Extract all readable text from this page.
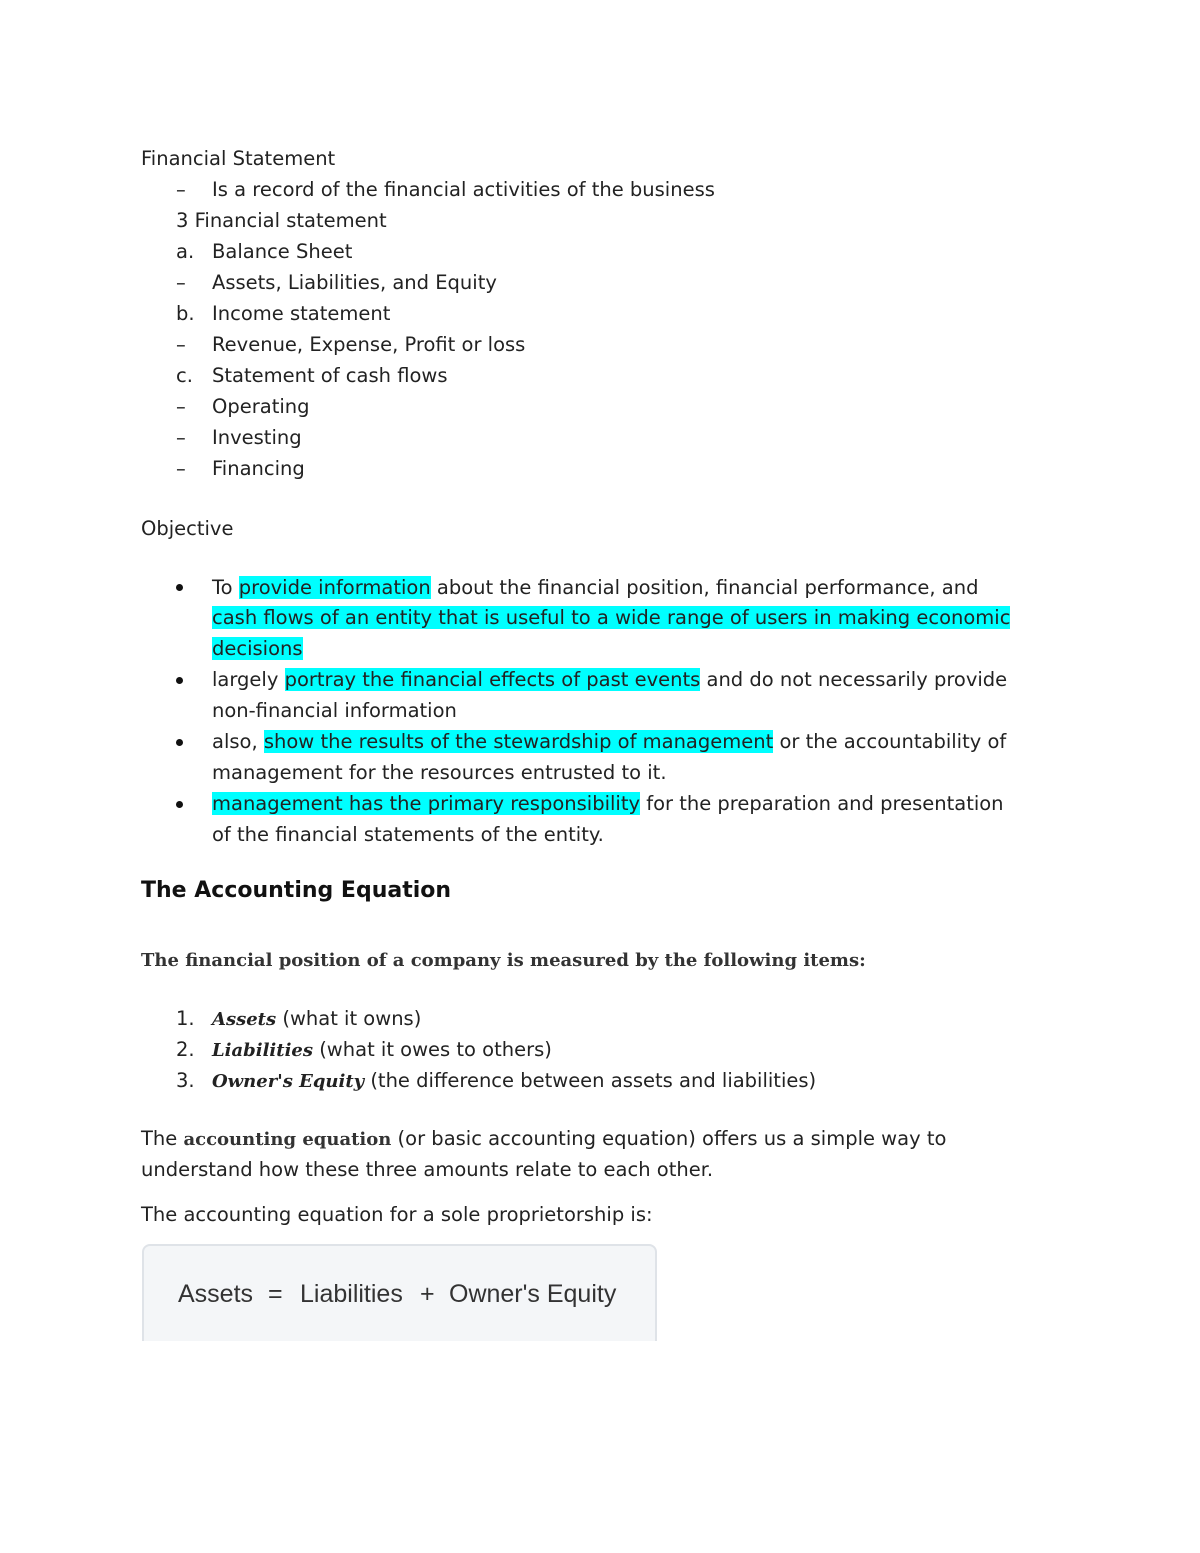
Financial Statement
– Is a record of the financial activities of the business
3 Financial statement
a. Balance Sheet
– Assets, Liabilities, and Equity
b. Income statement
– Revenue, Expense, Profit or loss
c. Statement of cash flows
– Operating
– Investing
– Financing
Objective
To provide information about the financial position, financial performance, and
cash flows of an entity that is useful to a wide range of users in making economic
decisions
largely portray the financial effects of past events and do not necessarily provide
non-financial information
also, show the results of the stewardship of management or the accountability of
management for the resources entrusted to it.
management has the primary responsibility for the preparation and presentation
of the financial statements of the entity.
The Accounting Equation
The financial position of a company is measured by the following items:
1. Assets (what it owns)
2. Liabilities (what it owes to others)
3. Owner's Equity (the difference between assets and liabilities)
The accounting equation (or basic accounting equation) offers us a simple way to
understand how these three amounts relate to each other.
The accounting equation for a sole proprietorship is:
Assets = Liabilities + Owner's Equity
